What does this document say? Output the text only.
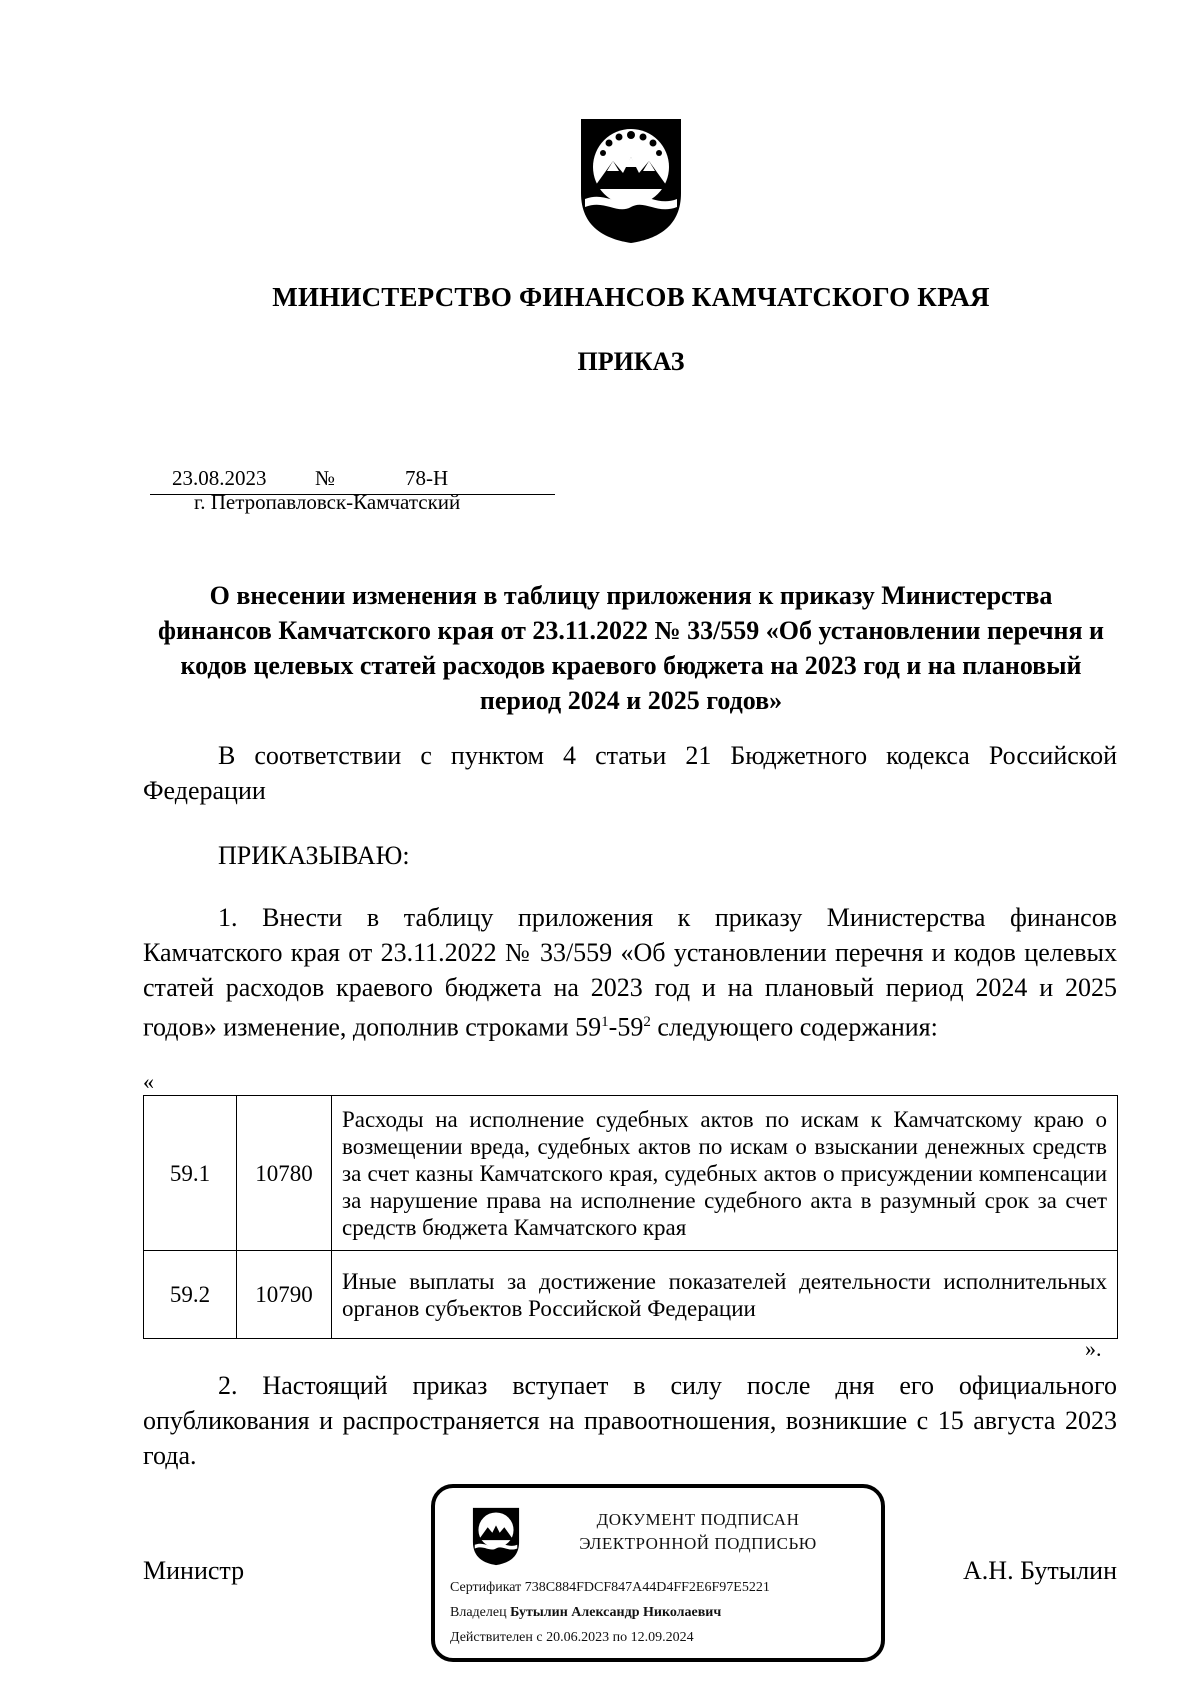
МИНИСТЕРСТВО ФИНАНСОВ КАМЧАТСКОГО КРАЯ
ПРИКАЗ
23.08.2023 №	78-Н
г. Петропавловск-Камчатский
О внесении изменения в таблицу приложения к приказу Министерства финансов Камчатского края от 23.11.2022 № 33/559 «Об установлении перечня и кодов целевых статей расходов краевого бюджета на 2023 год и на плановый период 2024 и 2025 годов»
В соответствии с пунктом 4 статьи 21 Бюджетного кодекса Российской Федерации
ПРИКАЗЫВАЮ:
1. Внести в таблицу приложения к приказу Министерства финансов Камчатского края от 23.11.2022 № 33/559 «Об установлении перечня и кодов целевых статей расходов краевого бюджета на 2023 год и на плановый период 2024 и 2025 годов» изменение, дополнив строками $59^1-59^2$ следующего содержания:
«
59.1	10780	Расходы на исполнение судебных актов по искам к Камчатскому краю о возмещении вреда, судебных актов по искам о взыскании денежных средств за счет казны Камчатского края, судебных актов о присуждении компенсации за нарушение права на исполнение судебного акта в разумный срок за счет средств бюджета Камчатского края
59.2	10790	Иные выплаты за достижение показателей деятельности исполнительных органов субъектов Российской Федерации
».
2. Настоящий приказ вступает в силу после дня его официального опубликования и распространяется на правоотношения, возникшие с 15 августа 2023 года.
Министр	А.Н. Бутылин
ДОКУМЕНТ ПОДПИСАН
ЭЛЕКТРОННОЙ ПОДПИСЬЮ
Сертификат 738C884FDCF847A44D4FF2E6F97E5221
Владелец Бутылин Александр Николаевич
Действителен с 20.06.2023 по 12.09.2024
